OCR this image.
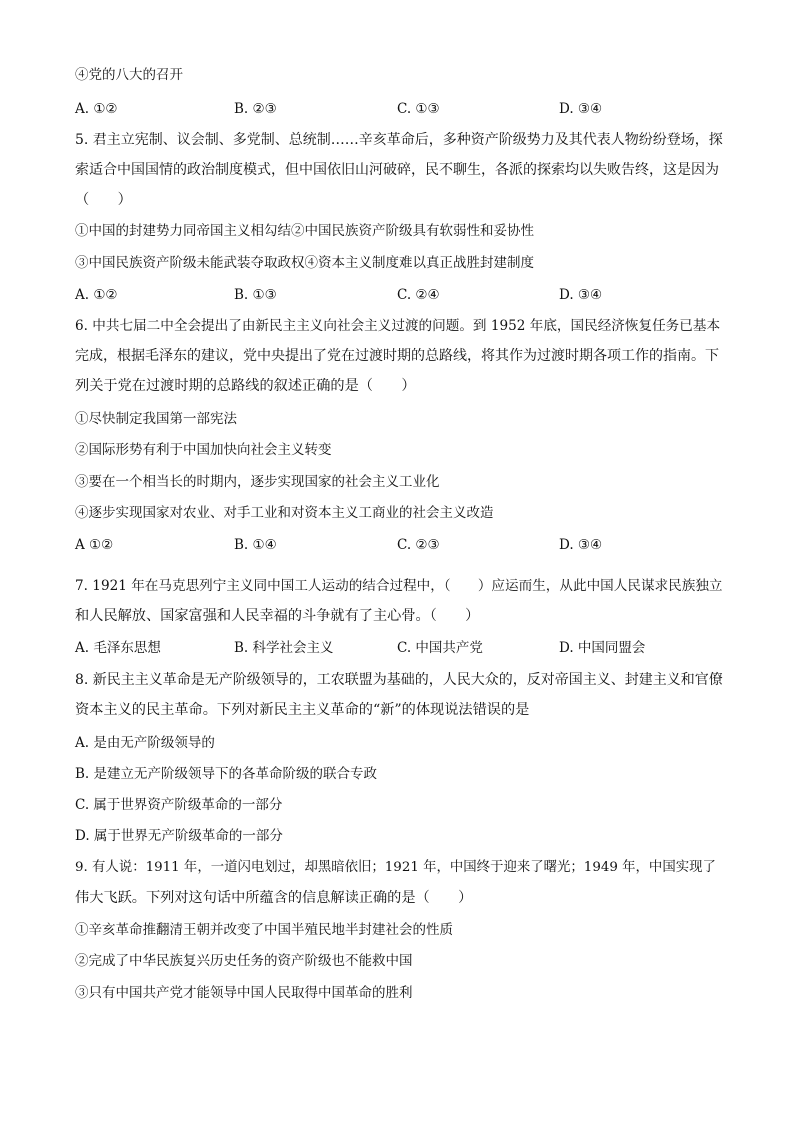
④党的八大的召开
A. ①②	B. ②③	C. ①③	D. ③④
5. 君主立宪制、议会制、多党制、总统制……辛亥革命后，多种资产阶级势力及其代表人物纷纷登场，探
索适合中国国情的政治制度模式，但中国依旧山河破碎，民不聊生，各派的探索均以失败告终，这是因为
（　　）
①中国的封建势力同帝国主义相勾结②中国民族资产阶级具有软弱性和妥协性
③中国民族资产阶级未能武装夺取政权④资本主义制度难以真正战胜封建制度
A. ①②	B. ①③	C. ②④	D. ③④
6. 中共七届二中全会提出了由新民主主义向社会主义过渡的问题。到 1952 年底，国民经济恢复任务已基本
完成，根据毛泽东的建议，党中央提出了党在过渡时期的总路线，将其作为过渡时期各项工作的指南。下
列关于党在过渡时期的总路线的叙述正确的是（　　）
①尽快制定我国第一部宪法
②国际形势有利于中国加快向社会主义转变
③要在一个相当长的时期内，逐步实现国家的社会主义工业化
④逐步实现国家对农业、对手工业和对资本主义工商业的社会主义改造
A ①②	B. ①④	C. ②③	D. ③④
7. 1921 年在马克思列宁主义同中国工人运动的结合过程中，（　　）应运而生，从此中国人民谋求民族独立
和人民解放、国家富强和人民幸福的斗争就有了主心骨。（　　）
A. 毛泽东思想	B. 科学社会主义	C. 中国共产党	D. 中国同盟会
8. 新民主主义革命是无产阶级领导的，工农联盟为基础的，人民大众的，反对帝国主义、封建主义和官僚
资本主义的民主革命。下列对新民主主义革命的“新”的体现说法错误的是
A. 是由无产阶级领导的
B. 是建立无产阶级领导下的各革命阶级的联合专政
C. 属于世界资产阶级革命的一部分
D. 属于世界无产阶级革命的一部分
9. 有人说：1911 年，一道闪电划过，却黑暗依旧；1921 年，中国终于迎来了曙光；1949 年，中国实现了
伟大飞跃。下列对这句话中所蕴含的信息解读正确的是（　　）
①辛亥革命推翻清王朝并改变了中国半殖民地半封建社会的性质
②完成了中华民族复兴历史任务的资产阶级也不能救中国
③只有中国共产党才能领导中国人民取得中国革命的胜利
